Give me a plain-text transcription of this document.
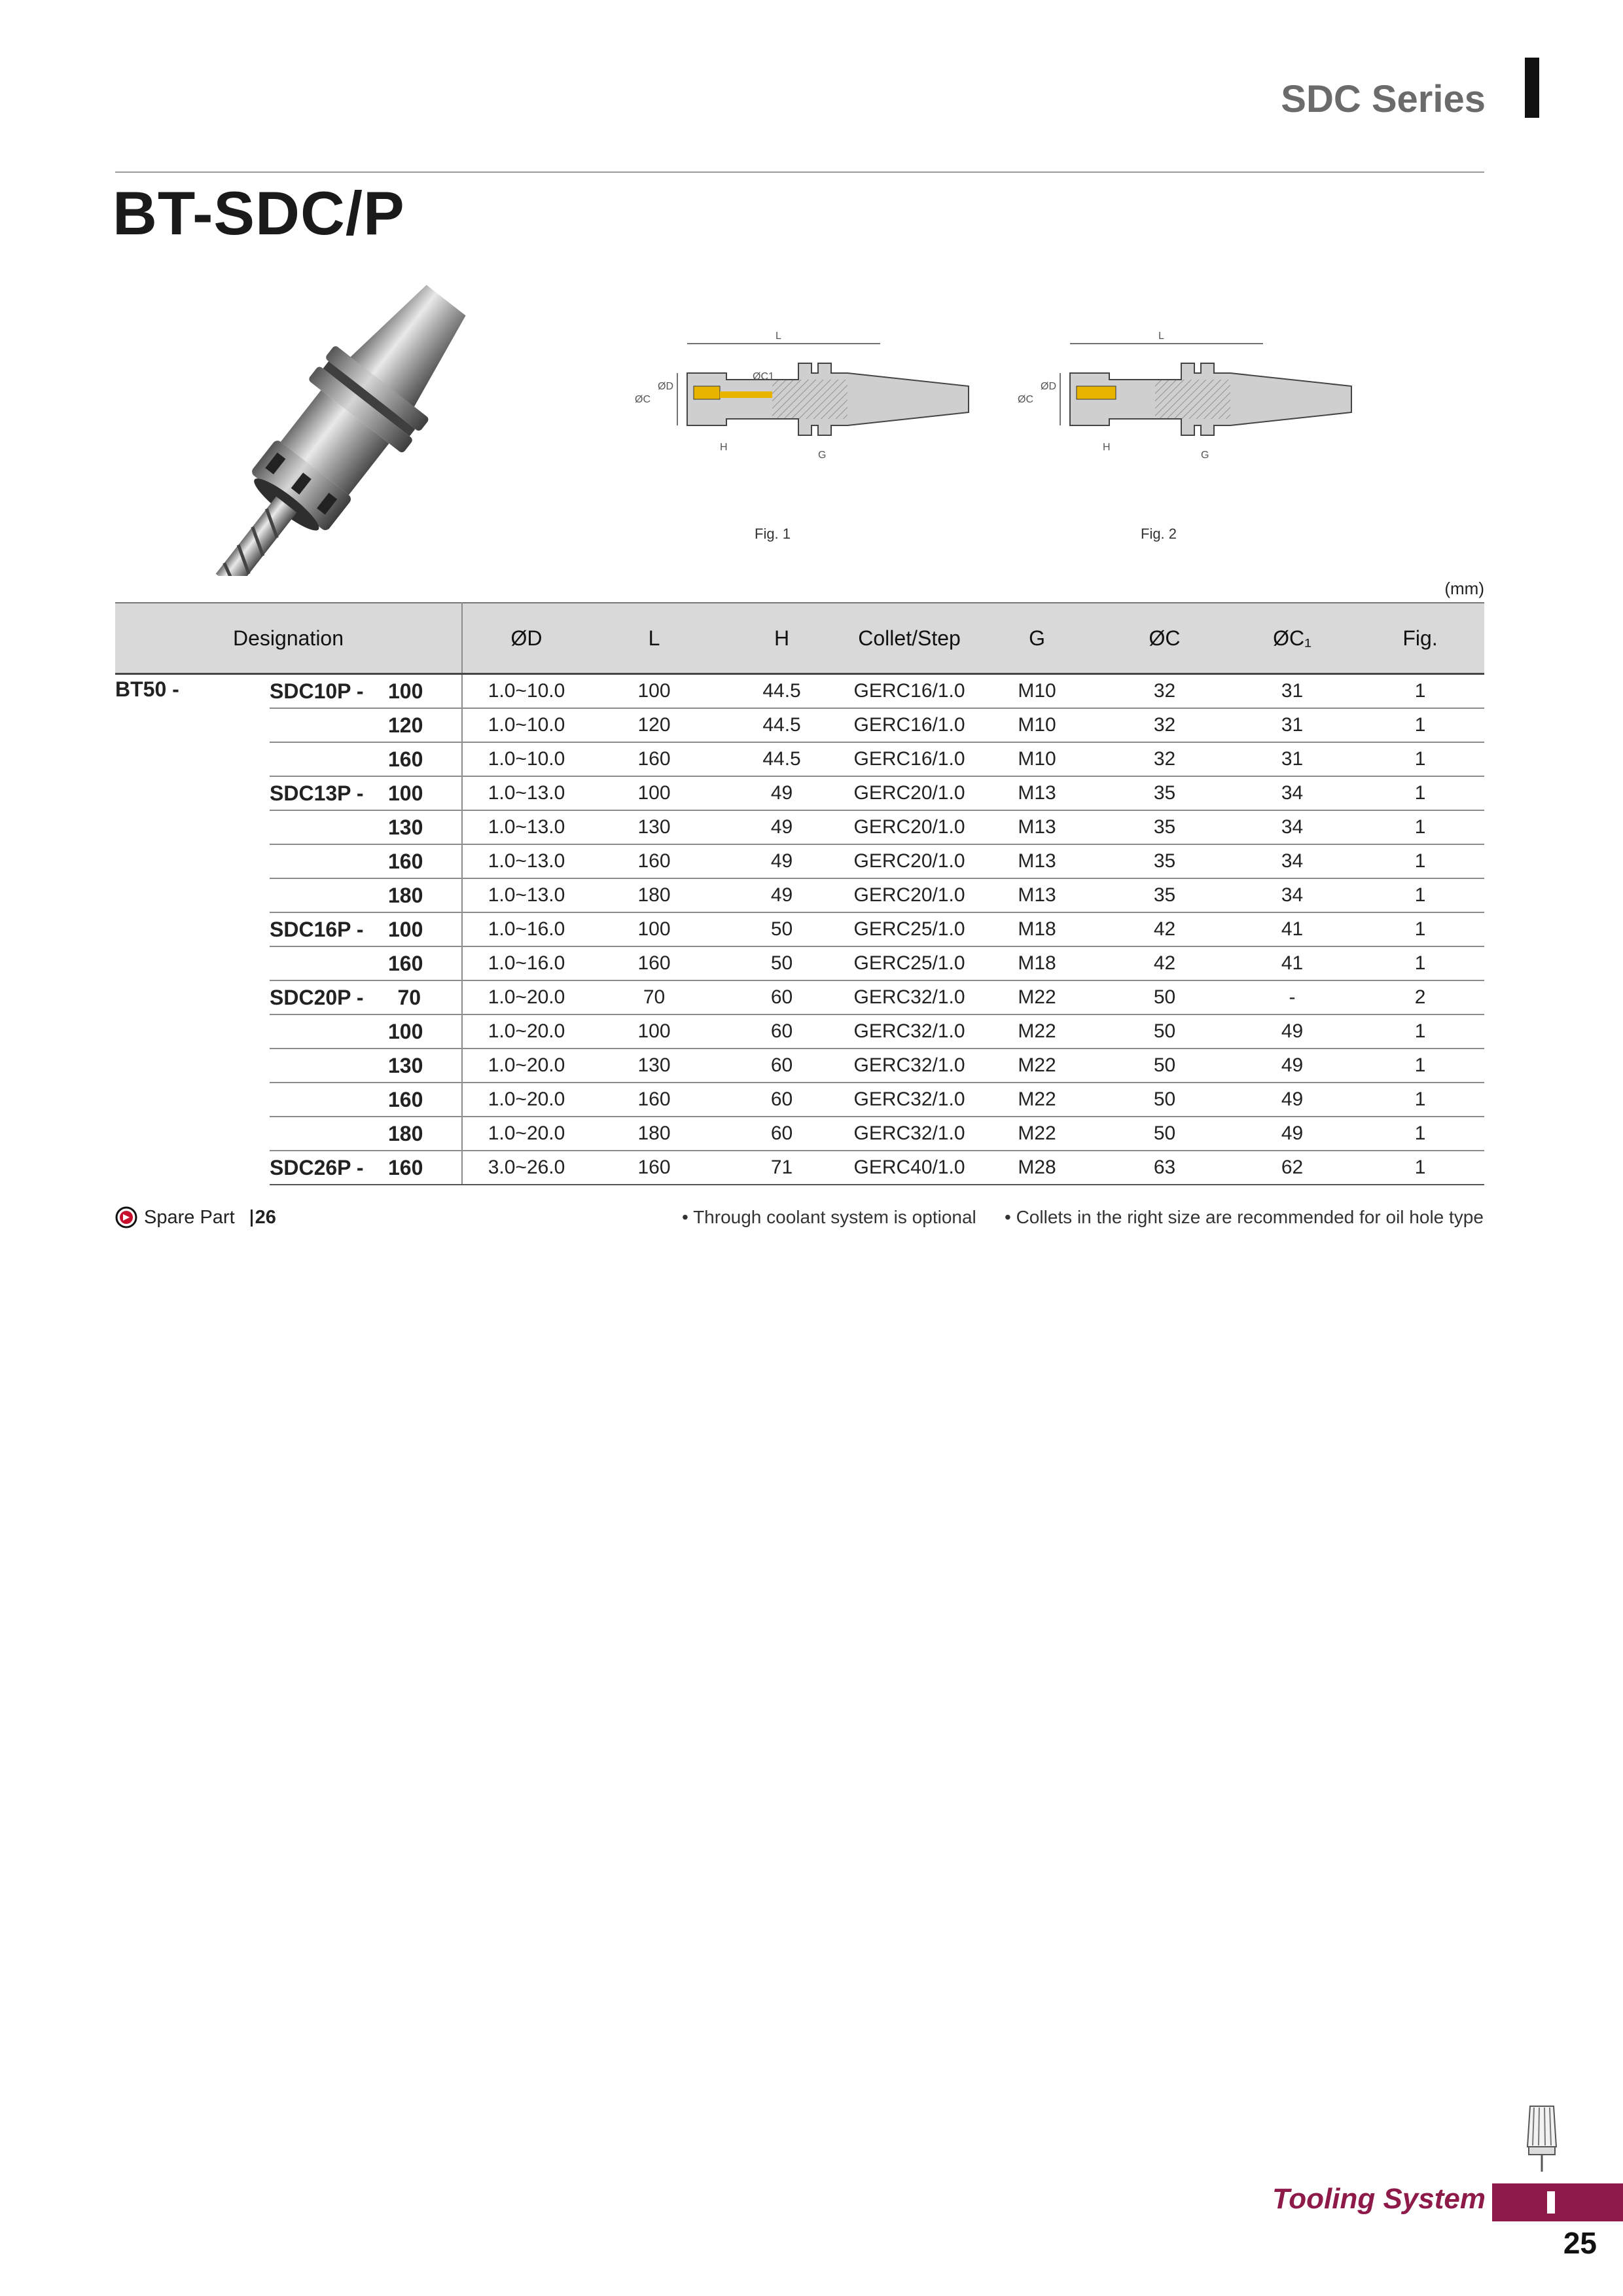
SDC Series
BT-SDC/P
L
ØC
ØD
ØC1
H
G
Fig. 1
L
ØC
ØD
H
G
Fig. 2
(mm)
Designation			ØD	L	H	Collet/Step	G	ØC	ØC₁	Fig.
BT50 -	SDC10P -	100	1.0~10.0	100	44.5	GERC16/1.0	M10	32	31	1
		120	1.0~10.0	120	44.5	GERC16/1.0	M10	32	31	1
		160	1.0~10.0	160	44.5	GERC16/1.0	M10	32	31	1
	SDC13P -	100	1.0~13.0	100	49	GERC20/1.0	M13	35	34	1
		130	1.0~13.0	130	49	GERC20/1.0	M13	35	34	1
		160	1.0~13.0	160	49	GERC20/1.0	M13	35	34	1
		180	1.0~13.0	180	49	GERC20/1.0	M13	35	34	1
	SDC16P -	100	1.0~16.0	100	50	GERC25/1.0	M18	42	41	1
		160	1.0~16.0	160	50	GERC25/1.0	M18	42	41	1
	SDC20P -	70	1.0~20.0	70	60	GERC32/1.0	M22	50	-	2
		100	1.0~20.0	100	60	GERC32/1.0	M22	50	49	1
		130	1.0~20.0	130	60	GERC32/1.0	M22	50	49	1
		160	1.0~20.0	160	60	GERC32/1.0	M22	50	49	1
		180	1.0~20.0	180	60	GERC32/1.0	M22	50	49	1
	SDC26P -	160	3.0~26.0	160	71	GERC40/1.0	M28	63	62	1
Spare Part 26	• Through coolant system is optional • Collets in the right size are recommended for oil hole type
Tooling System
25
